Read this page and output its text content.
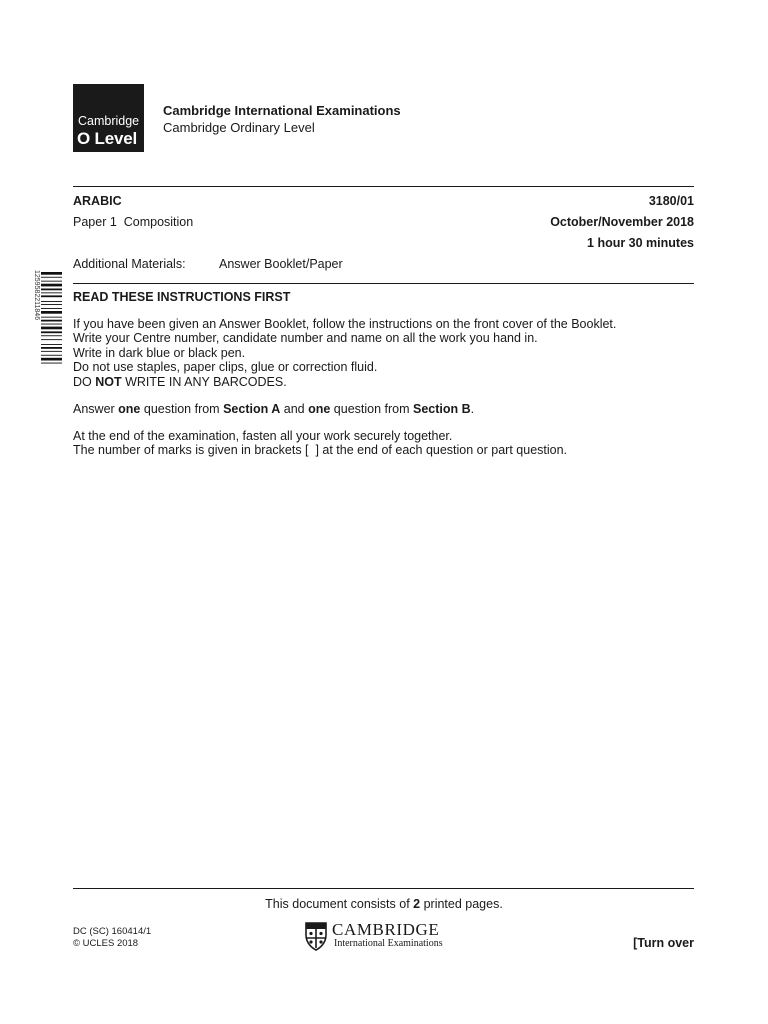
Cambridge
O Level
Cambridge International Examinations
Cambridge Ordinary Level
ARABIC	3180/01
Paper 1  Composition	October/November 2018
1 hour 30 minutes
Additional Materials:	Answer Booklet/Paper
1259582211846	READ THESE INSTRUCTIONS FIRST
If you have been given an Answer Booklet, follow the instructions on the front cover of the Booklet.
Write your Centre number, candidate number and name on all the work you hand in.
Write in dark blue or black pen.
Do not use staples, paper clips, glue or correction fluid.
DO NOT WRITE IN ANY BARCODES.
Answer one question from Section A and one question from Section B.
At the end of the examination, fasten all your work securely together.
The number of marks is given in brackets [  ] at the end of each question or part question.
This document consists of 2 printed pages.
DC (SC) 160414/1
© UCLES 2018
CAMBRIDGE
International Examinations	[Turn over
